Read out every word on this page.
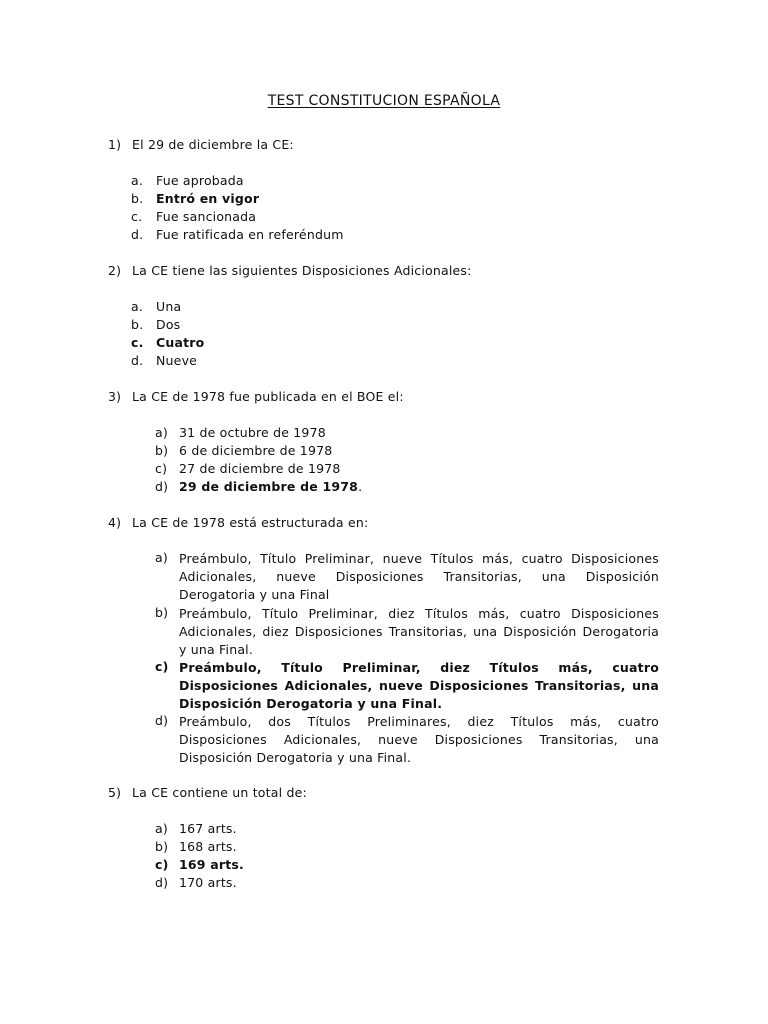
TEST CONSTITUCION ESPAÑOLA
1) El 29 de diciembre la CE:
a. Fue aprobada
b. Entró en vigor
c. Fue sancionada
d. Fue ratificada en referéndum
2) La CE tiene las siguientes Disposiciones Adicionales:
a. Una
b. Dos
c. Cuatro
d. Nueve
3) La CE de 1978 fue publicada en el BOE el:
a) 31 de octubre de 1978
b) 6 de diciembre de 1978
c) 27 de diciembre de 1978
d) 29 de diciembre de 1978.
4) La CE de 1978 está estructurada en:
a) Preámbulo, Título Preliminar, nueve Títulos más, cuatro Disposiciones Adicionales, nueve Disposiciones Transitorias, una Disposición Derogatoria y una Final
b) Preámbulo, Título Preliminar, diez Títulos más, cuatro Disposiciones Adicionales, diez Disposiciones Transitorias, una Disposición Derogatoria y una Final.
c) Preámbulo, Título Preliminar, diez Títulos más, cuatro Disposiciones Adicionales, nueve Disposiciones Transitorias, una Disposición Derogatoria y una Final.
d) Preámbulo, dos Títulos Preliminares, diez Títulos más, cuatro Disposiciones Adicionales, nueve Disposiciones Transitorias, una Disposición Derogatoria y una Final.
5) La CE contiene un total de:
a) 167 arts.
b) 168 arts.
c) 169 arts.
d) 170 arts.
